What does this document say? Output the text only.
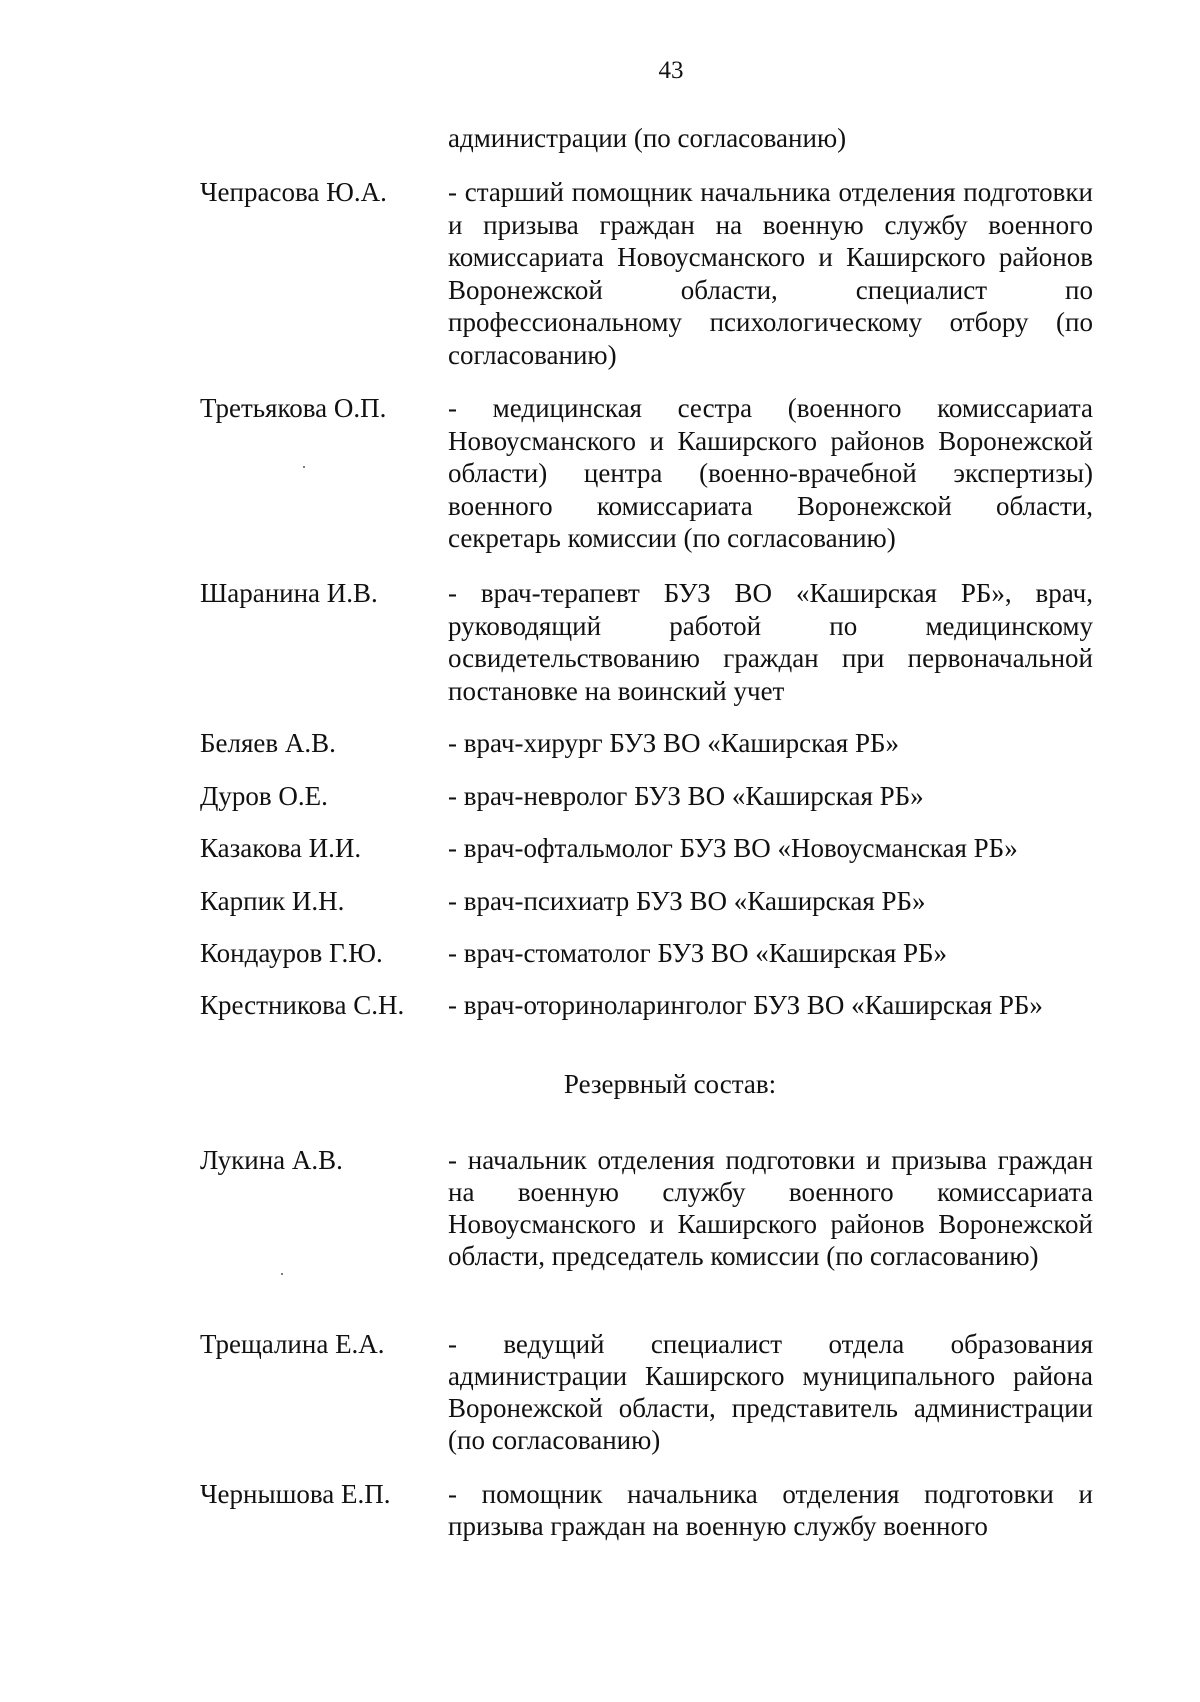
43
администрации (по согласованию)
Чепрасова Ю.А. - старший помощник начальника отделения подготовки и призыва граждан на военную службу военного комиссариата Новоусманского и Каширского районов Воронежской области, специалист по профессиональному психологическому отбору (по согласованию)
Третьякова О.П. - медицинская сестра (военного комиссариата Новоусманского и Каширского районов Воронежской области) центра (военно-врачебной экспертизы) военного комиссариата Воронежской области, секретарь комиссии (по согласованию)
Шаранина И.В.	- врач-терапевт БУЗ ВО «Каширская РБ», врач, руководящий работой по медицинскому освидетельствованию граждан при первоначальной постановке на воинский учет
Беляев А.В.	- врач-хирург БУЗ ВО «Каширская РБ»
Дуров О.Е.	- врач-невролог БУЗ ВО «Каширская РБ»
Казакова И.И.	- врач-офтальмолог БУЗ ВО «Новоусманская РБ»
Карпик И.Н.	- врач-психиатр БУЗ ВО «Каширская РБ»
Кондауров Г.Ю. - врач-стоматолог БУЗ ВО «Каширская РБ»
Крестникова С.Н. - врач-оториноларинголог БУЗ ВО «Каширская РБ»
Резервный состав:
Лукина А.В.	- начальник отделения подготовки и призыва граждан на военную службу военного комиссариата Новоусманского и Каширского районов Воронежской области, председатель комиссии (по согласованию)
Трещалина Е.А. - ведущий специалист отдела образования администрации Каширского муниципального района Воронежской области, представитель администрации (по согласованию)
Чернышова Е.П. - помощник начальника отделения подготовки и призыва граждан на военную службу военного
